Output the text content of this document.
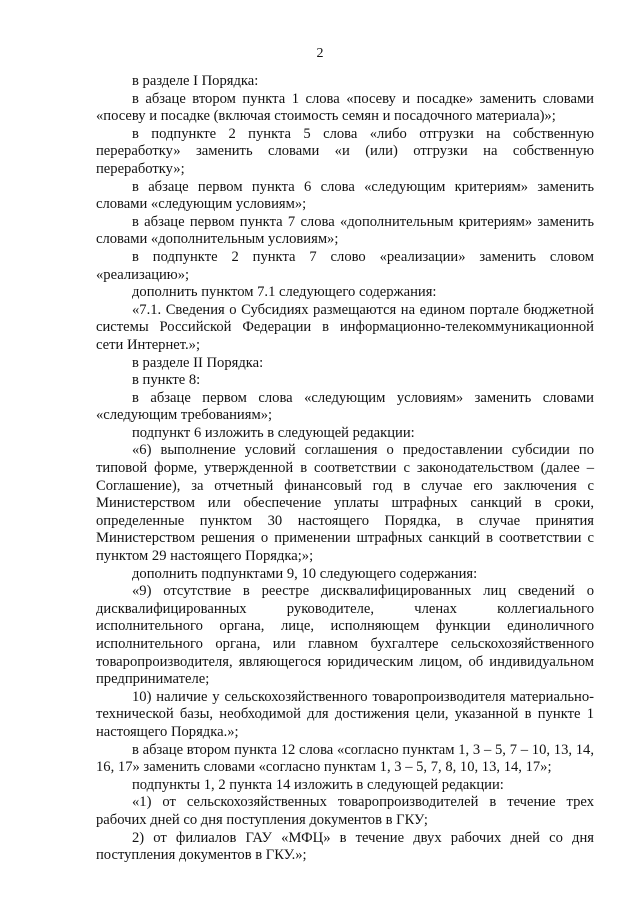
2

в разделе I Порядка:

в абзаце втором пункта 1 слова «посеву и посадке» заменить словами «посеву и посадке (включая стоимость семян и посадочного материала)»;

в подпункте 2 пункта 5 слова «либо отгрузки на собственную переработку» заменить словами «и (или) отгрузки на собственную переработку»;

в абзаце первом пункта 6 слова «следующим критериям» заменить словами «следующим условиям»;

в абзаце первом пункта 7 слова «дополнительным критериям» заменить словами «дополнительным условиям»;

в подпункте 2 пункта 7 слово «реализации» заменить словом «реализацию»;

дополнить пунктом 7.1 следующего содержания:

«7.1. Сведения о Субсидиях размещаются на едином портале бюджетной системы Российской Федерации в информационно-телекоммуникационной сети Интернет.»;

в разделе II Порядка:

в пункте 8:

в абзаце первом слова «следующим условиям» заменить словами «следующим требованиям»;

подпункт 6 изложить в следующей редакции:

«6) выполнение условий соглашения о предоставлении субсидии по типовой форме, утвержденной в соответствии с законодательством (далее – Соглашение), за отчетный финансовый год в случае его заключения с Министерством или обеспечение уплаты штрафных санкций в сроки, определенные пунктом 30 настоящего Порядка, в случае принятия Министерством решения о применении штрафных санкций в соответствии с пунктом 29 настоящего Порядка;»;

дополнить подпунктами 9, 10 следующего содержания:

«9) отсутствие в реестре дисквалифицированных лиц сведений о дисквалифицированных руководителе, членах коллегиального исполнительного органа, лице, исполняющем функции единоличного исполнительного органа, или главном бухгалтере сельскохозяйственного товаропроизводителя, являющегося юридическим лицом, об индивидуальном предпринимателе;

10) наличие у сельскохозяйственного товаропроизводителя материально-технической базы, необходимой для достижения цели, указанной в пункте 1 настоящего Порядка.»;

в абзаце втором пункта 12 слова «согласно пунктам 1, 3 – 5, 7 – 10, 13, 14, 16, 17» заменить словами «согласно пунктам 1, 3 – 5, 7, 8, 10, 13, 14, 17»;

подпункты 1, 2 пункта 14 изложить в следующей редакции:

«1) от сельскохозяйственных товаропроизводителей в течение трех рабочих дней со дня поступления документов в ГКУ;

2) от филиалов ГАУ «МФЦ» в течение двух рабочих дней со дня поступления документов в ГКУ.»;
